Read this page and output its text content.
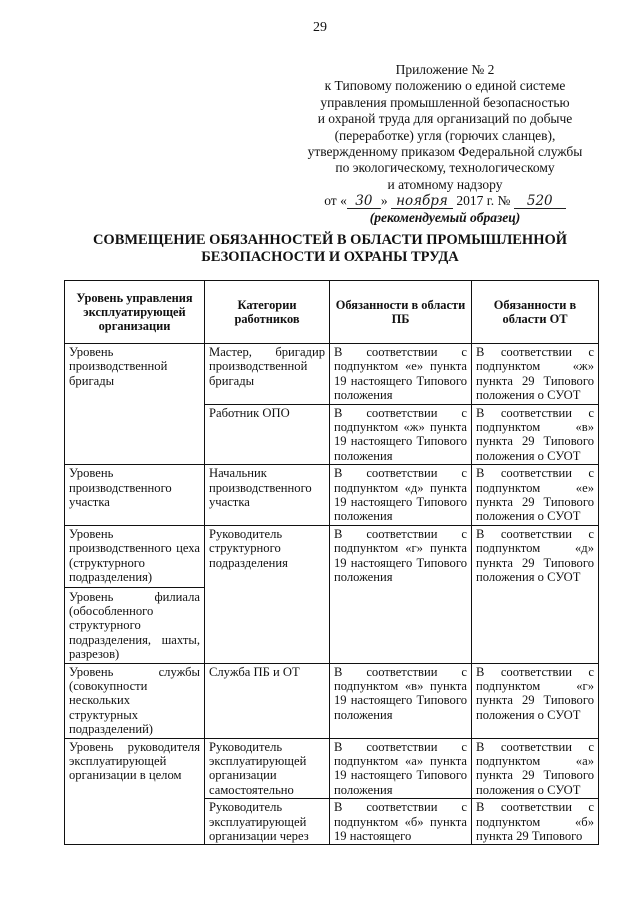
29
Приложение № 2
к Типовому положению о единой системе
управления промышленной безопасностью
и охраной труда для организаций по добыче
(переработке) угля (горючих сланцев),
утвержденному приказом Федеральной службы
по экологическому, технологическому
и атомному надзору
от « 30 » ноября 2017 г. № 520
(рекомендуемый образец)
СОВМЕЩЕНИЕ ОБЯЗАННОСТЕЙ В ОБЛАСТИ ПРОМЫШЛЕННОЙ
БЕЗОПАСНОСТИ И ОХРАНЫ ТРУДА
Уровень управления эксплуатирующей организации	Категории работников	Обязанности в области ПБ	Обязанности в области ОТ
Уровень производственной бригады	Мастер, бригадир производственной бригады	В соответствии с подпунктом «е» пункта 19 настоящего Типового положения	В соответствии с подпунктом «ж» пункта 29 Типового положения о СУОТ
	Работник ОПО	В соответствии с подпунктом «ж» пункта 19 настоящего Типового положения	В соответствии с подпунктом «в» пункта 29 Типового положения о СУОТ
Уровень производственного участка	Начальник производственного участка	В соответствии с подпунктом «д» пункта 19 настоящего Типового положения	В соответствии с подпунктом «е» пункта 29 Типового положения о СУОТ

Уровень производственного цеха (структурного подразделения)
Уровень филиала (обособленного структурного подразделения, шахты, разрезов)	Руководитель структурного подразделения	В соответствии с подпунктом «г» пункта 19 настоящего Типового положения	В соответствии с подпунктом «д» пункта 29 Типового положения о СУОТ
Уровень службы (совокупности нескольких структурных подразделений)	Служба ПБ и ОТ	В соответствии с подпунктом «в» пункта 19 настоящего Типового положения	В соответствии с подпунктом «г» пункта 29 Типового положения о СУОТ
Уровень руководителя эксплуатирующей организации в целом	Руководитель эксплуатирующей организации самостоятельно	В соответствии с подпунктом «а» пункта 19 настоящего Типового положения	В соответствии с подпунктом «а» пункта 29 Типового положения о СУОТ
	Руководитель эксплуатирующей организации через	В соответствии с подпунктом «б» пункта 19 настоящего	В соответствии с подпунктом «б» пункта 29 Типового
